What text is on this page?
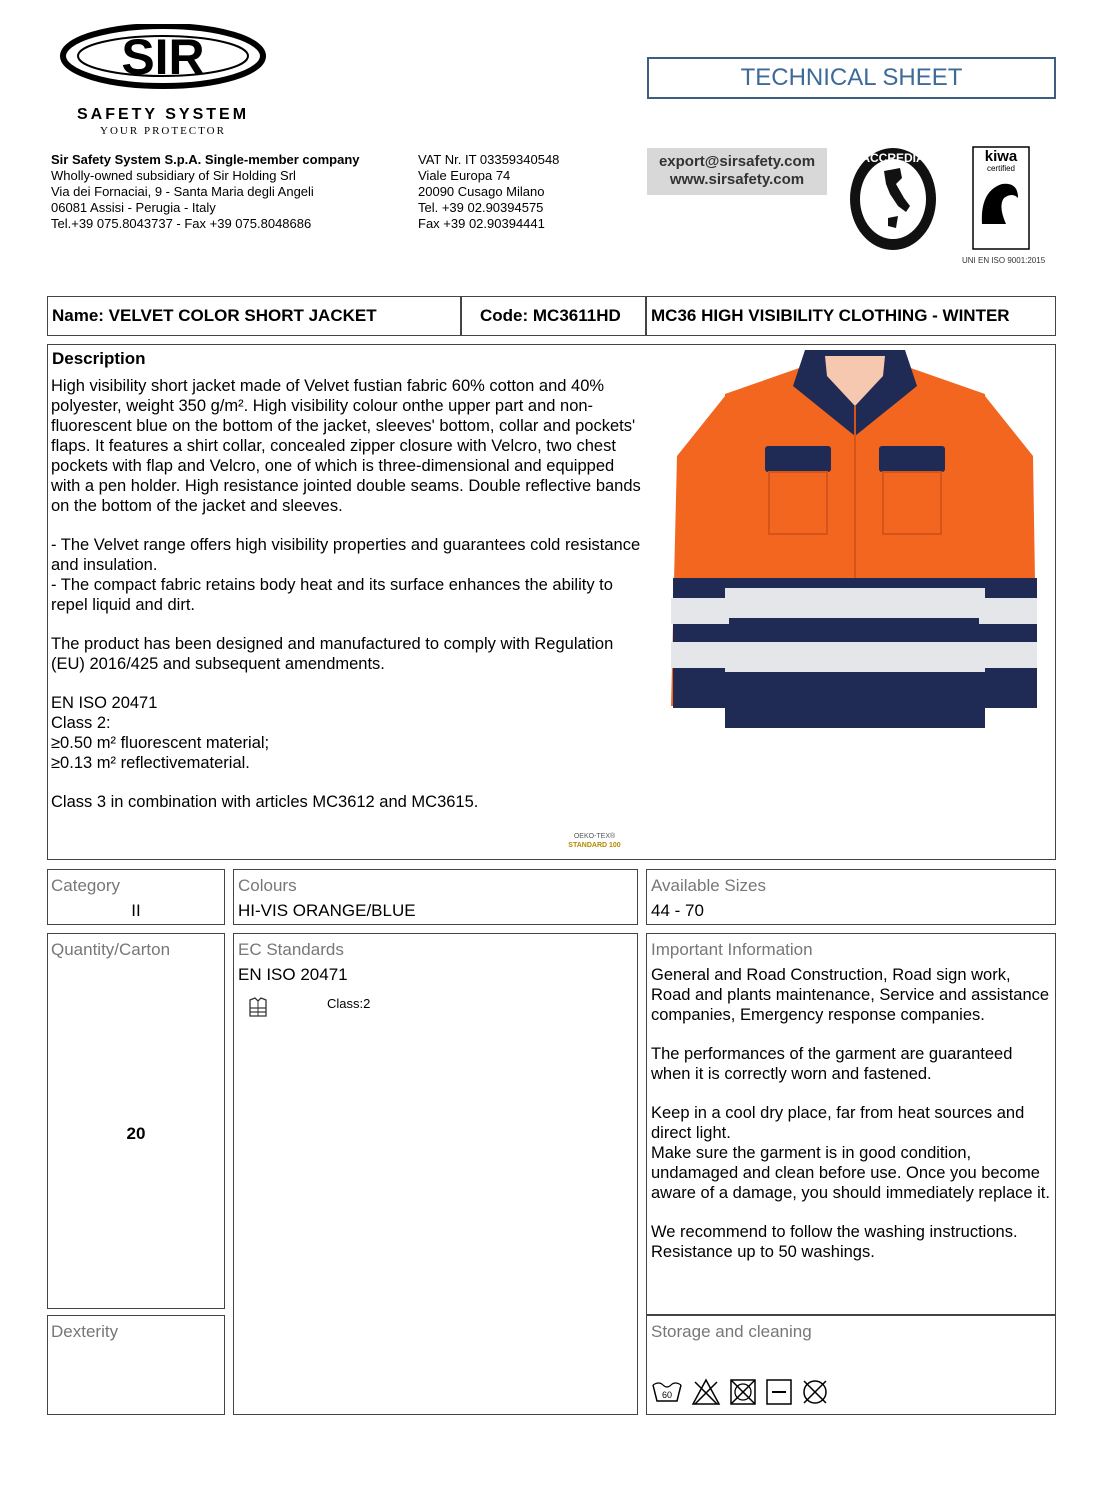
SIR
SAFETY SYSTEM
YOUR PROTECTOR
TECHNICAL SHEET
Sir Safety System S.p.A. Single-member company
Wholly-owned subsidiary of Sir Holding Srl
Via dei Fornaciai, 9 - Santa Maria degli Angeli
06081 Assisi - Perugia - Italy
Tel.+39 075.8043737 - Fax +39 075.8048686
VAT Nr. IT 03359340548
Viale Europa 74
20090 Cusago Milano
Tel. +39 02.90394575
Fax +39 02.90394441
export@sirsafety.com
www.sirsafety.com
ACCREDIA	kiwa
certified
UNI EN ISO 9001:2015
Name: VELVET COLOR SHORT JACKET	Code: MC3611HD	MC36 HIGH VISIBILITY CLOTHING - WINTER
Description

High visibility short jacket made of Velvet fustian fabric 60% cotton and 40% polyester, weight 350 g/m². High visibility colour onthe upper part and non-fluorescent blue on the bottom of the jacket, sleeves' bottom, collar and pockets' flaps. It features a shirt collar, concealed zipper closure with Velcro, two chest pockets with flap and Velcro, one of which is three-dimensional and equipped with a pen holder. High resistance jointed double seams. Double reflective bands on the bottom of the jacket and sleeves.

- The Velvet range offers high visibility properties and guarantees cold resistance and insulation.

- The compact fabric retains body heat and its surface enhances the ability to repel liquid and dirt.

The product has been designed and manufactured to comply with Regulation (EU) 2016/425 and subsequent amendments.

EN ISO 20471
Class 2:
≥0.50 m² fluorescent material;
≥0.13 m² reflectivematerial.

Class 3 in combination with articles MC3612 and MC3615.

OEKO-TEX®
STANDARD 100
Category
II
Colours
HI-VIS ORANGE/BLUE
Available Sizes
44 - 70
Quantity/Carton
20
EC Standards
EN ISO 20471
Class:2
Important Information
General and Road Construction, Road sign work, Road and plants maintenance, Service and assistance companies, Emergency response companies.
The performances of the garment are guaranteed when it is correctly worn and fastened.
Keep in a cool dry place, far from heat sources and direct light.
Make sure the garment is in good condition, undamaged and clean before use. Once you become aware of a damage, you should immediately replace it.
We recommend to follow the washing instructions. Resistance up to 50 washings.
Dexterity	Storage and cleaning
60
